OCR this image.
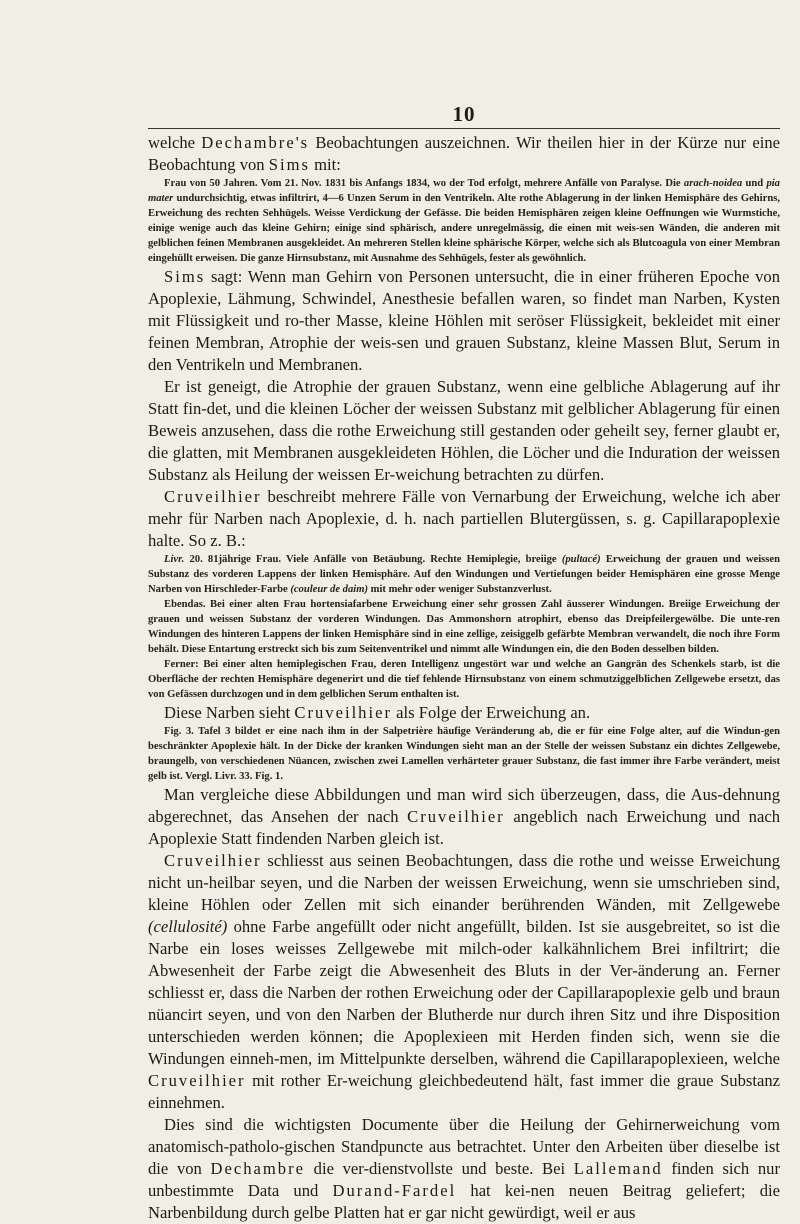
10

welche Dechambre's Beobachtungen auszeichnen. Wir theilen hier in der Kürze nur eine Beobachtung von Sims mit:

Frau von 50 Jahren. Vom 21. Nov. 1831 bis Anfangs 1834, wo der Tod erfolgt, mehrere Anfälle von Paralyse. Die arach-noidea und pia mater undurchsichtig, etwas infiltrirt, 4—6 Unzen Serum in den Ventrikeln. Alte rothe Ablagerung in der linken Hemisphäre des Gehirns, Erweichung des rechten Sehhügels. Weisse Verdickung der Gefässe. Die beiden Hemisphären zeigen kleine Oeffnungen wie Wurmstiche, einige wenige auch das kleine Gehirn; einige sind sphärisch, andere unregelmässig, die einen mit weis-sen Wänden, die anderen mit gelblichen feinen Membranen ausgekleidet. An mehreren Stellen kleine sphärische Körper, welche sich als Blutcoagula von einer Membran eingehüllt erweisen. Die ganze Hirnsubstanz, mit Ausnahme des Sehhügels, fester als gewöhnlich.

Sims sagt: Wenn man Gehirn von Personen untersucht, die in einer früheren Epoche von Apoplexie, Lähmung, Schwindel, Anesthesie befallen waren, so findet man Narben, Kysten mit Flüssigkeit und ro-ther Masse, kleine Höhlen mit seröser Flüssigkeit, bekleidet mit einer feinen Membran, Atrophie der weis-sen und grauen Substanz, kleine Massen Blut, Serum in den Ventrikeln und Membranen.

Er ist geneigt, die Atrophie der grauen Substanz, wenn eine gelbliche Ablagerung auf ihr Statt fin-det, und die kleinen Löcher der weissen Substanz mit gelblicher Ablagerung für einen Beweis anzusehen, dass die rothe Erweichung still gestanden oder geheilt sey, ferner glaubt er, die glatten, mit Membranen ausgekleideten Höhlen, die Löcher und die Induration der weissen Substanz als Heilung der weissen Er-weichung betrachten zu dürfen.

Cruveilhier beschreibt mehrere Fälle von Vernarbung der Erweichung, welche ich aber mehr für Narben nach Apoplexie, d. h. nach partiellen Blutergüssen, s. g. Capillarapoplexie halte. So z. B.:

Livr. 20. 81jährige Frau. Viele Anfälle von Betäubung. Rechte Hemiplegie, breiige (pultacé) Erweichung der grauen und weissen Substanz des vorderen Lappens der linken Hemisphäre. Auf den Windungen und Vertiefungen beider Hemisphären eine grosse Menge Narben von Hirschleder-Farbe (couleur de daim) mit mehr oder weniger Substanzverlust.

Ebendas. Bei einer alten Frau hortensiafarbene Erweichung einer sehr grossen Zahl äusserer Windungen. Breiige Erweichung der grauen und weissen Substanz der vorderen Windungen. Das Ammonshorn atrophirt, ebenso das Dreipfeilergewölbe. Die unte-ren Windungen des hinteren Lappens der linken Hemisphäre sind in eine zellige, zeisiggelb gefärbte Membran verwandelt, die noch ihre Form behält. Diese Entartung erstreckt sich bis zum Seitenventrikel und nimmt alle Windungen ein, die den Boden desselben bilden.

Ferner: Bei einer alten hemiplegischen Frau, deren Intelligenz ungestört war und welche an Gangrän des Schenkels starb, ist die Oberfläche der rechten Hemisphäre degenerirt und die tief fehlende Hirnsubstanz von einem schmutziggelblichen Zellgewebe ersetzt, das von Gefässen durchzogen und in dem gelblichen Serum enthalten ist.

Diese Narben sieht Cruveilhier als Folge der Erweichung an.

Fig. 3. Tafel 3 bildet er eine nach ihm in der Salpetrière häufige Veränderung ab, die er für eine Folge alter, auf die Windun-gen beschränkter Apoplexie hält. In der Dicke der kranken Windungen sieht man an der Stelle der weissen Substanz ein dichtes Zellgewebe, braungelb, von verschiedenen Nüancen, zwischen zwei Lamellen verhärteter grauer Substanz, die fast immer ihre Farbe verändert, meist gelb ist. Vergl. Livr. 33. Fig. 1.

Man vergleiche diese Abbildungen und man wird sich überzeugen, dass, die Aus-dehnung abgerechnet, das Ansehen der nach Cruveilhier angeblich nach Erweichung und nach Apoplexie Statt findenden Narben gleich ist.

Cruveilhier schliesst aus seinen Beobachtungen, dass die rothe und weisse Erweichung nicht un-heilbar seyen, und die Narben der weissen Erweichung, wenn sie umschrieben sind, kleine Höhlen oder Zellen mit sich einander berührenden Wänden, mit Zellgewebe (cellulosité) ohne Farbe angefüllt oder nicht angefüllt, bilden. Ist sie ausgebreitet, so ist die Narbe ein loses weisses Zellgewebe mit milch-oder kalkähnlichem Brei infiltrirt; die Abwesenheit der Farbe zeigt die Abwesenheit des Bluts in der Ver-änderung an. Ferner schliesst er, dass die Narben der rothen Erweichung oder der Capillarapoplexie gelb und braun nüancirt seyen, und von den Narben der Blutherde nur durch ihren Sitz und ihre Disposition unterschieden werden können; die Apoplexieen mit Herden finden sich, wenn sie die Windungen einneh-men, im Mittelpunkte derselben, während die Capillarapoplexieen, welche Cruveilhier mit rother Er-weichung gleichbedeutend hält, fast immer die graue Substanz einnehmen.

Dies sind die wichtigsten Documente über die Heilung der Gehirnerweichung vom anatomisch-patholo-gischen Standpuncte aus betrachtet. Unter den Arbeiten über dieselbe ist die von Dechambre die ver-dienstvollste und beste. Bei Lallemand finden sich nur unbestimmte Data und Durand-Fardel hat kei-nen neuen Beitrag geliefert; die Narbenbildung durch gelbe Platten hat er gar nicht gewürdigt, weil er aus
